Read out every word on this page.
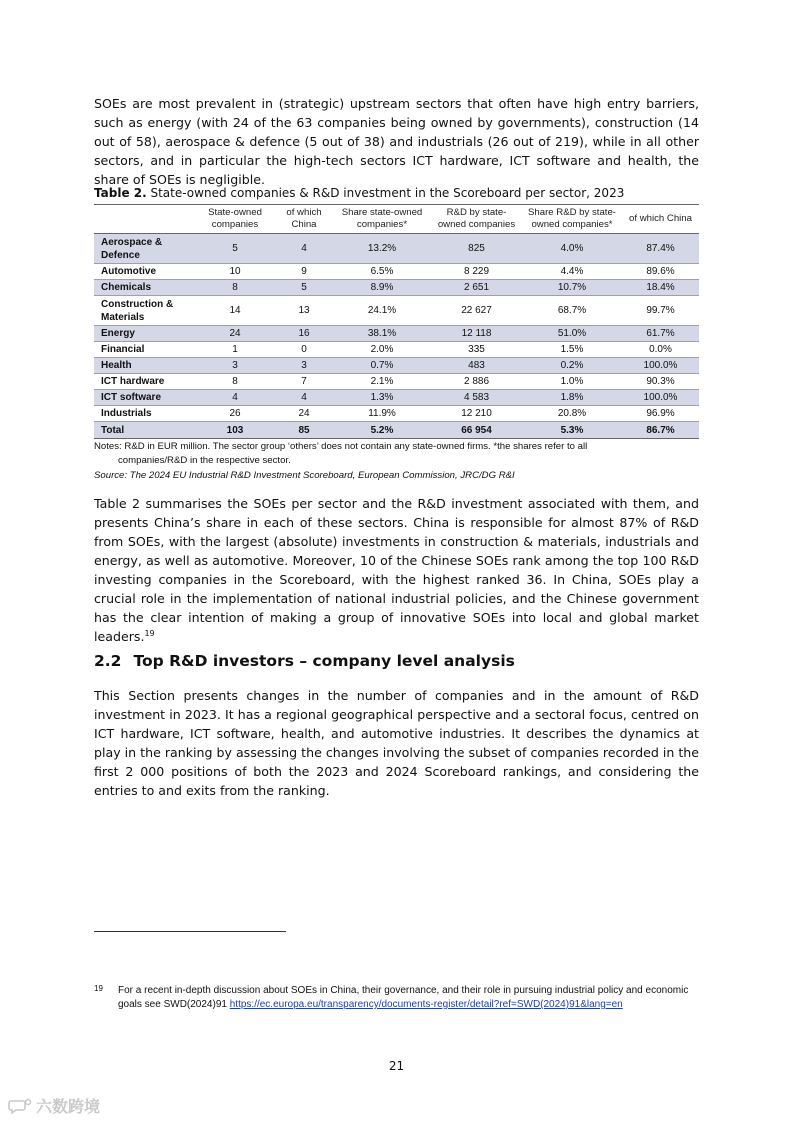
SOEs are most prevalent in (strategic) upstream sectors that often have high entry barriers, such as energy (with 24 of the 63 companies being owned by governments), construction (14 out of 58), aerospace & defence (5 out of 38) and industrials (26 out of 219), while in all other sectors, and in particular the high-tech sectors ICT hardware, ICT software and health, the share of SOEs is negligible.

Table 2. State-owned companies & R&D investment in the Scoreboard per sector, 2023

	State-owned companies	of which China	Share state-owned companies*	R&D by state-owned companies	Share R&D by state-owned companies*	of which China
Aerospace & Defence	5	4	13.2%	825	4.0%	87.4%
Automotive	10	9	6.5%	8 229	4.4%	89.6%
Chemicals	8	5	8.9%	2 651	10.7%	18.4%
Construction & Materials	14	13	24.1%	22 627	68.7%	99.7%
Energy	24	16	38.1%	12 118	51.0%	61.7%
Financial	1	0	2.0%	335	1.5%	0.0%
Health	3	3	0.7%	483	0.2%	100.0%
ICT hardware	8	7	2.1%	2 886	1.0%	90.3%
ICT software	4	4	1.3%	4 583	1.8%	100.0%
Industrials	26	24	11.9%	12 210	20.8%	96.9%
Total	103	85	5.2%	66 954	5.3%	86.7%

Notes: R&D in EUR million. The sector group ‘others’ does not contain any state-owned firms. *the shares refer to all
companies/R&D in the respective sector.

Source: The 2024 EU Industrial R&D Investment Scoreboard, European Commission, JRC/DG R&I

Table 2 summarises the SOEs per sector and the R&D investment associated with them, and presents China’s share in each of these sectors. China is responsible for almost 87% of R&D from SOEs, with the largest (absolute) investments in construction & materials, industrials and energy, as well as automotive. Moreover, 10 of the Chinese SOEs rank among the top 100 R&D investing companies in the Scoreboard, with the highest ranked 36. In China, SOEs play a crucial role in the implementation of national industrial policies, and the Chinese government has the clear intention of making a group of innovative SOEs into local and global market leaders.$^{19}$

2.2 Top R&D investors – company level analysis

This Section presents changes in the number of companies and in the amount of R&D investment in 2023. It has a regional geographical perspective and a sectoral focus, centred on ICT hardware, ICT software, health, and automotive industries. It describes the dynamics at play in the ranking by assessing the changes involving the subset of companies recorded in the first 2 000 positions of both the 2023 and 2024 Scoreboard rankings, and considering the entries to and exits from the ranking.

19 For a recent in-depth discussion about SOEs in China, their governance, and their role in pursuing industrial policy and economic goals see SWD(2024)91 https://ec.europa.eu/transparency/documents-register/detail?ref=SWD(2024)91&lang=en
21
六数跨境
